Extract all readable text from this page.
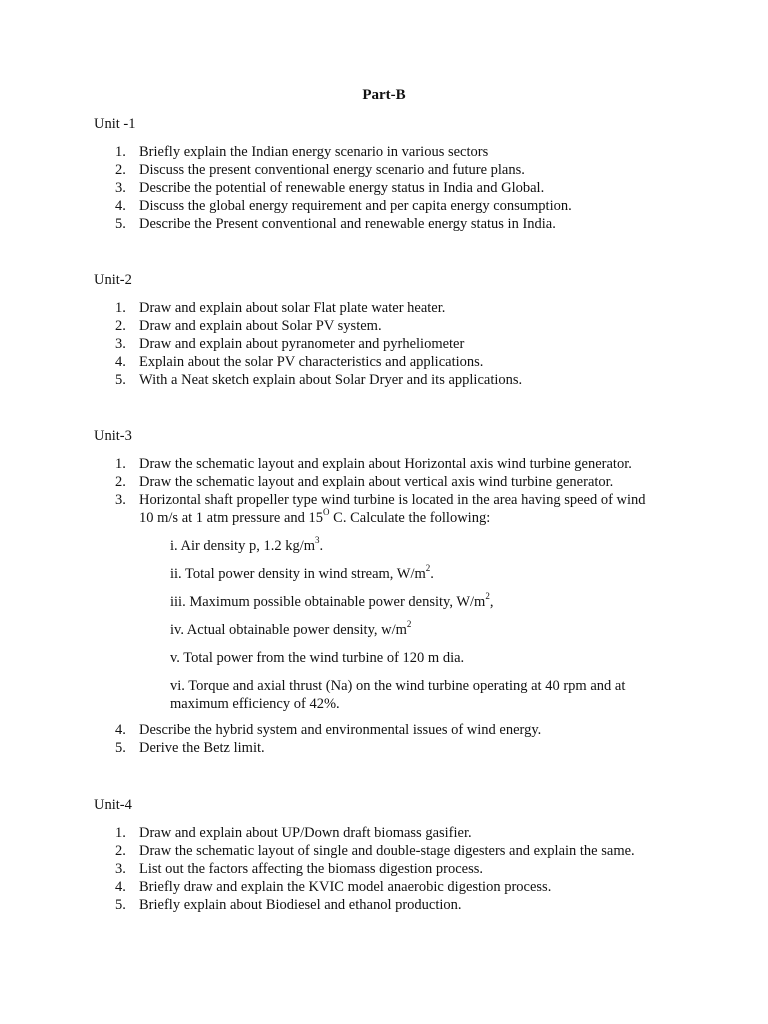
Part-B
Unit -1
1. Briefly explain the Indian energy scenario in various sectors
2. Discuss the present conventional energy scenario and future plans.
3. Describe the potential of renewable energy status in India and Global.
4. Discuss the global energy requirement and per capita energy consumption.
5. Describe the Present conventional and renewable energy status in India.
Unit-2
1. Draw and explain about solar Flat plate water heater.
2. Draw and explain about Solar PV system.
3. Draw and explain about pyranometer and pyrheliometer
4. Explain about the solar PV characteristics and applications.
5. With a Neat sketch explain about Solar Dryer and its applications.
Unit-3
1. Draw the schematic layout and explain about Horizontal axis wind turbine generator.
2. Draw the schematic layout and explain about vertical axis wind turbine generator.
3. Horizontal shaft propeller type wind turbine is located in the area having speed of wind 10 m/s at 1 atm pressure and $15^O$ C. Calculate the following:
i. Air density p, 1.2 $kg/m^3$.
ii. Total power density in wind stream, $W/m^2$.
iii. Maximum possible obtainable power density, $W/m^2$,
iv. Actual obtainable power density, $w/m^2$
v. Total power from the wind turbine of 120 m dia.
vi. Torque and axial thrust (Na) on the wind turbine operating at 40 rpm and at maximum efficiency of 42%.
4. Describe the hybrid system and environmental issues of wind energy.
5. Derive the Betz limit.
Unit-4
1. Draw and explain about UP/Down draft biomass gasifier.
2. Draw the schematic layout of single and double-stage digesters and explain the same.
3. List out the factors affecting the biomass digestion process.
4. Briefly draw and explain the KVIC model anaerobic digestion process.
5. Briefly explain about Biodiesel and ethanol production.
